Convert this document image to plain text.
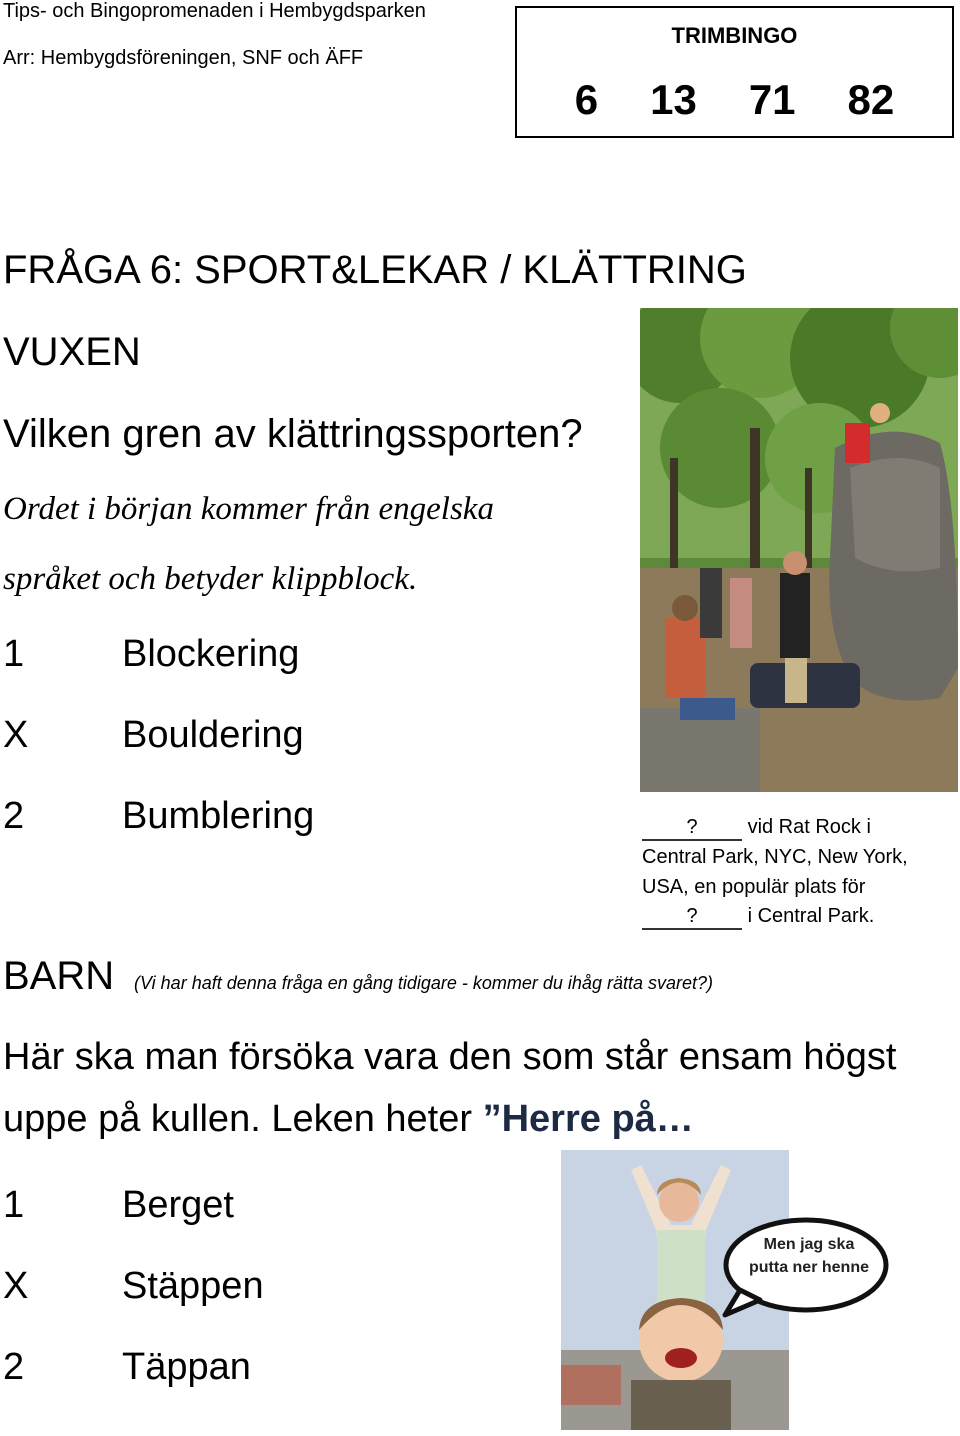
Tips- och Bingopromenaden i Hembygdsparken
Arr: Hembygdsföreningen, SNF och ÄFF
TRIMBINGO
6 13 71 82
FRÅGA 6: SPORT&LEKAR / KLÄTTRING
VUXEN
Vilken gren av klättringssporten?
Ordet i början kommer från engelska
språket och betyder klippblock.
1	Blockering
X Bouldering
2	Bumblering	?	vid Rat Rock i
Central Park, NYC, New York,
USA, en populär plats för
?	i Central Park.
BARN (Vi har haft denna fråga en gång tidigare - kommer du ihåg rätta svaret?)
Här ska man försöka vara den som står ensam högst
uppe på kullen. Leken heter ”Herre på…
1	Berget
X Stäppen
2	Täppan
Men jag ska
putta ner henne
